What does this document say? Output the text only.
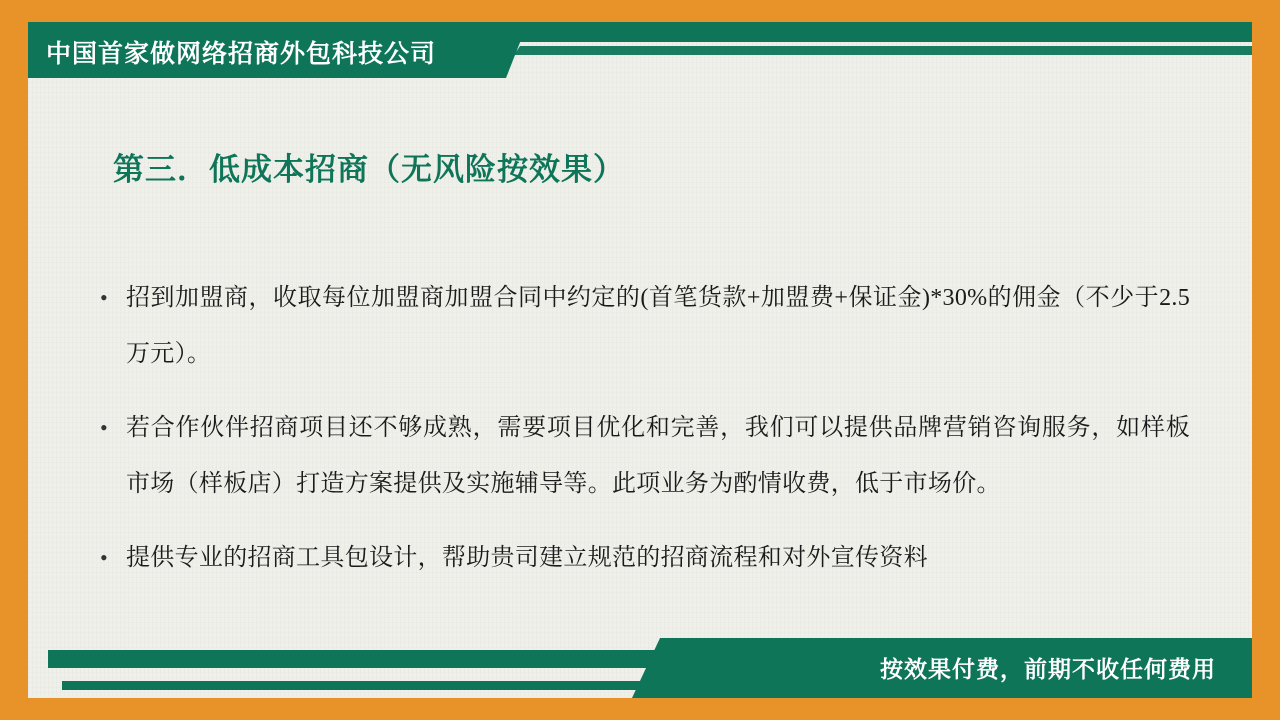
中国首家做网络招商外包科技公司
第三．低成本招商（无风险按效果）
• 招到加盟商，收取每位加盟商加盟合同中约定的(首笔货款+加盟费+保证金)*30%的佣金（不少于2.5万元）。
• 若合作伙伴招商项目还不够成熟，需要项目优化和完善，我们可以提供品牌营销咨询服务，如样板市场（样板店）打造方案提供及实施辅导等。此项业务为酌情收费，低于市场价。
• 提供专业的招商工具包设计，帮助贵司建立规范的招商流程和对外宣传资料
按效果付费，前期不收任何费用
